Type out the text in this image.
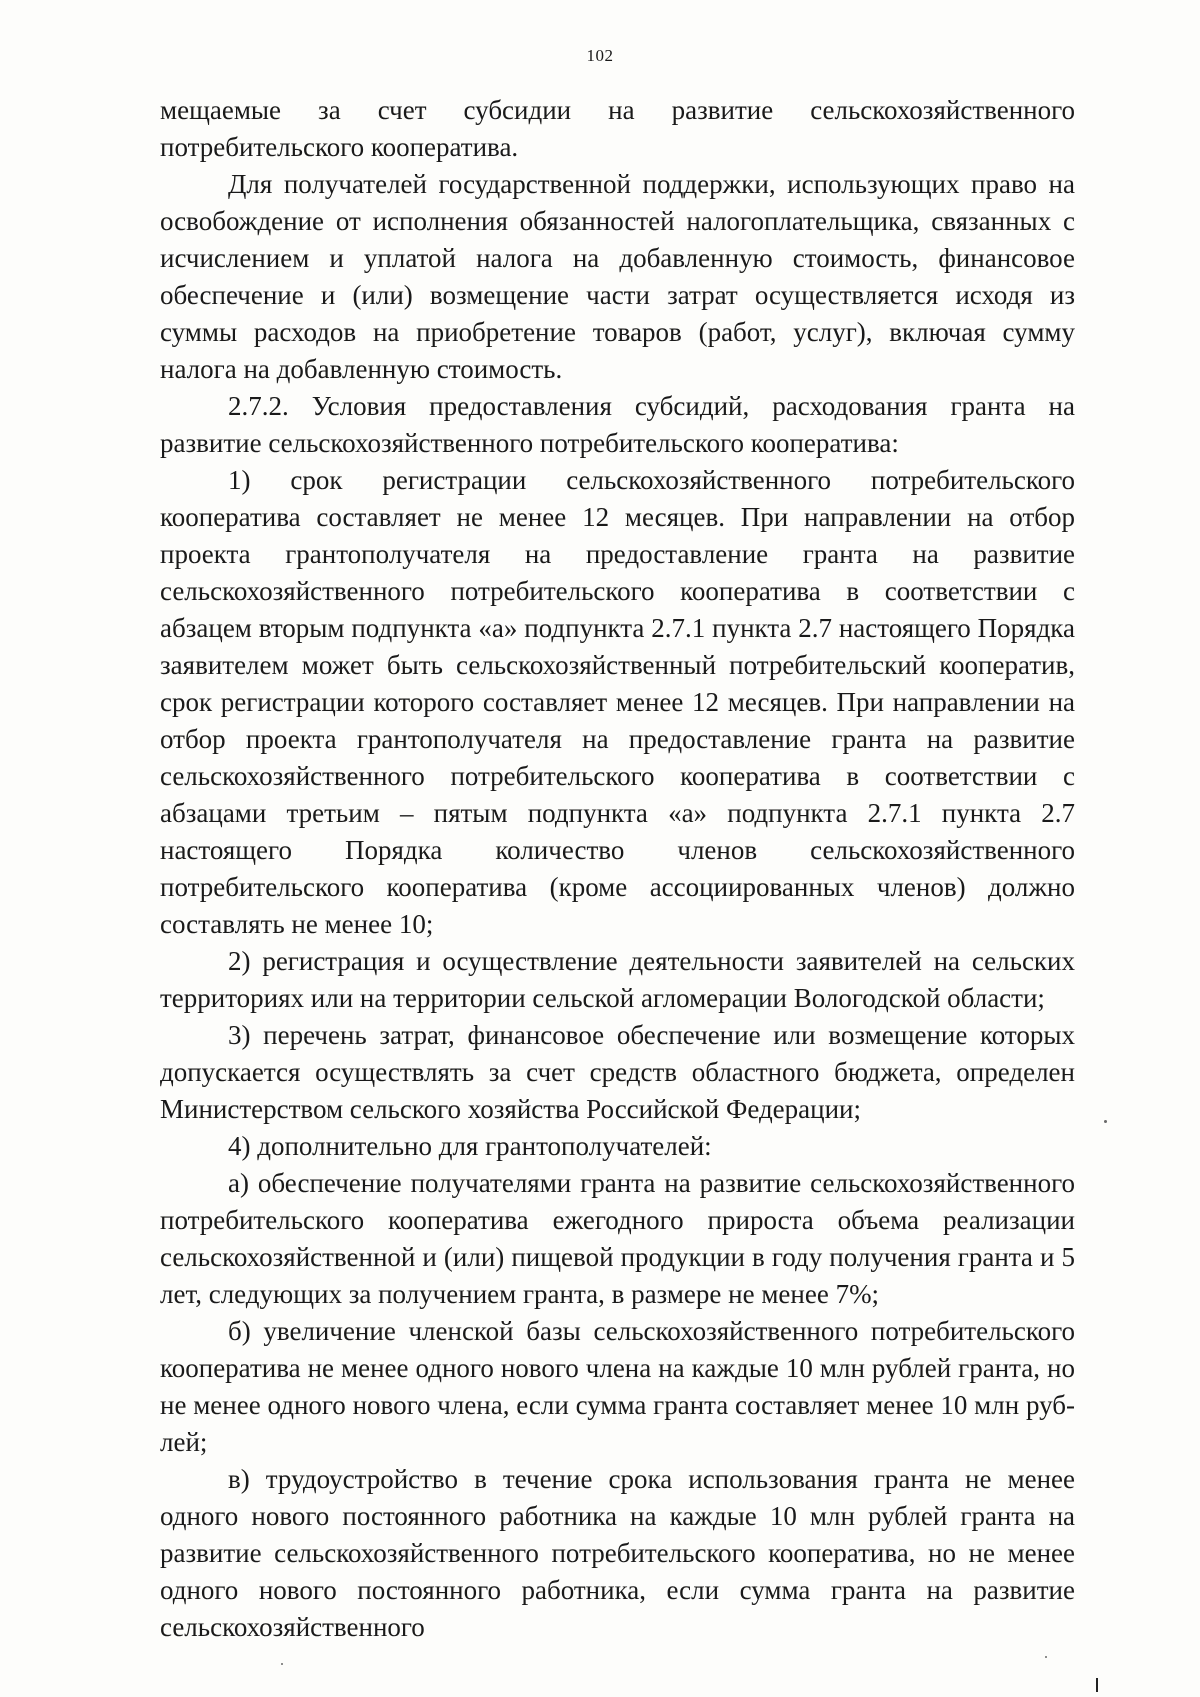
102

мещаемые за счет субсидии на развитие сельскохозяйственного потребительского кооператива.

Для получателей государственной поддержки, использующих право на освобождение от исполнения обязанностей налогоплательщика, связанных с исчислением и уплатой налога на добавленную стоимость, финансовое обеспечение и (или) возмещение части затрат осуществляется исходя из суммы расходов на приобретение товаров (работ, услуг), включая сумму налога на добавленную стоимость.

2.7.2. Условия предоставления субсидий, расходования гранта на развитие сельскохозяйственного потребительского кооператива:

1) срок регистрации сельскохозяйственного потребительского кооператива составляет не менее 12 месяцев. При направлении на отбор проекта грантополучателя на предоставление гранта на развитие сельскохозяйственного потребительского кооператива в соответствии с абзацем вторым подпункта «а» подпункта 2.7.1 пункта 2.7 настоящего Порядка заявителем может быть сельскохозяйственный потребительский кооператив, срок регистрации которого составляет менее 12 месяцев. При направлении на отбор проекта грантополучателя на предоставление гранта на развитие сельскохозяйственного потребительского кооператива в соответствии с абзацами третьим – пятым подпункта «а» подпункта 2.7.1 пункта 2.7 настоящего Порядка количество членов сельскохозяйственного потребительского кооператива (кроме ассоциированных членов) должно составлять не менее 10;

2) регистрация и осуществление деятельности заявителей на сельских территориях или на территории сельской агломерации Вологодской области;

3) перечень затрат, финансовое обеспечение или возмещение которых допускается осуществлять за счет средств областного бюджета, определен Министерством сельского хозяйства Российской Федерации;

4) дополнительно для грантополучателей:

а) обеспечение получателями гранта на развитие сельскохозяйственного потребительского кооператива ежегодного прироста объема реализации сельскохозяйственной и (или) пищевой продукции в году получения гранта и 5 лет, следующих за получением гранта, в размере не менее 7%;

б) увеличение членской базы сельскохозяйственного потребительского кооператива не менее одного нового члена на каждые 10 млн рублей гранта, но не менее одного нового члена, если сумма гранта составляет менее 10 млн рублей;

в) трудоустройство в течение срока использования гранта не менее одного нового постоянного работника на каждые 10 млн рублей гранта на развитие сельскохозяйственного потребительского кооператива, но не менее одного нового постоянного работника, если сумма гранта на развитие сельскохозяйственного
